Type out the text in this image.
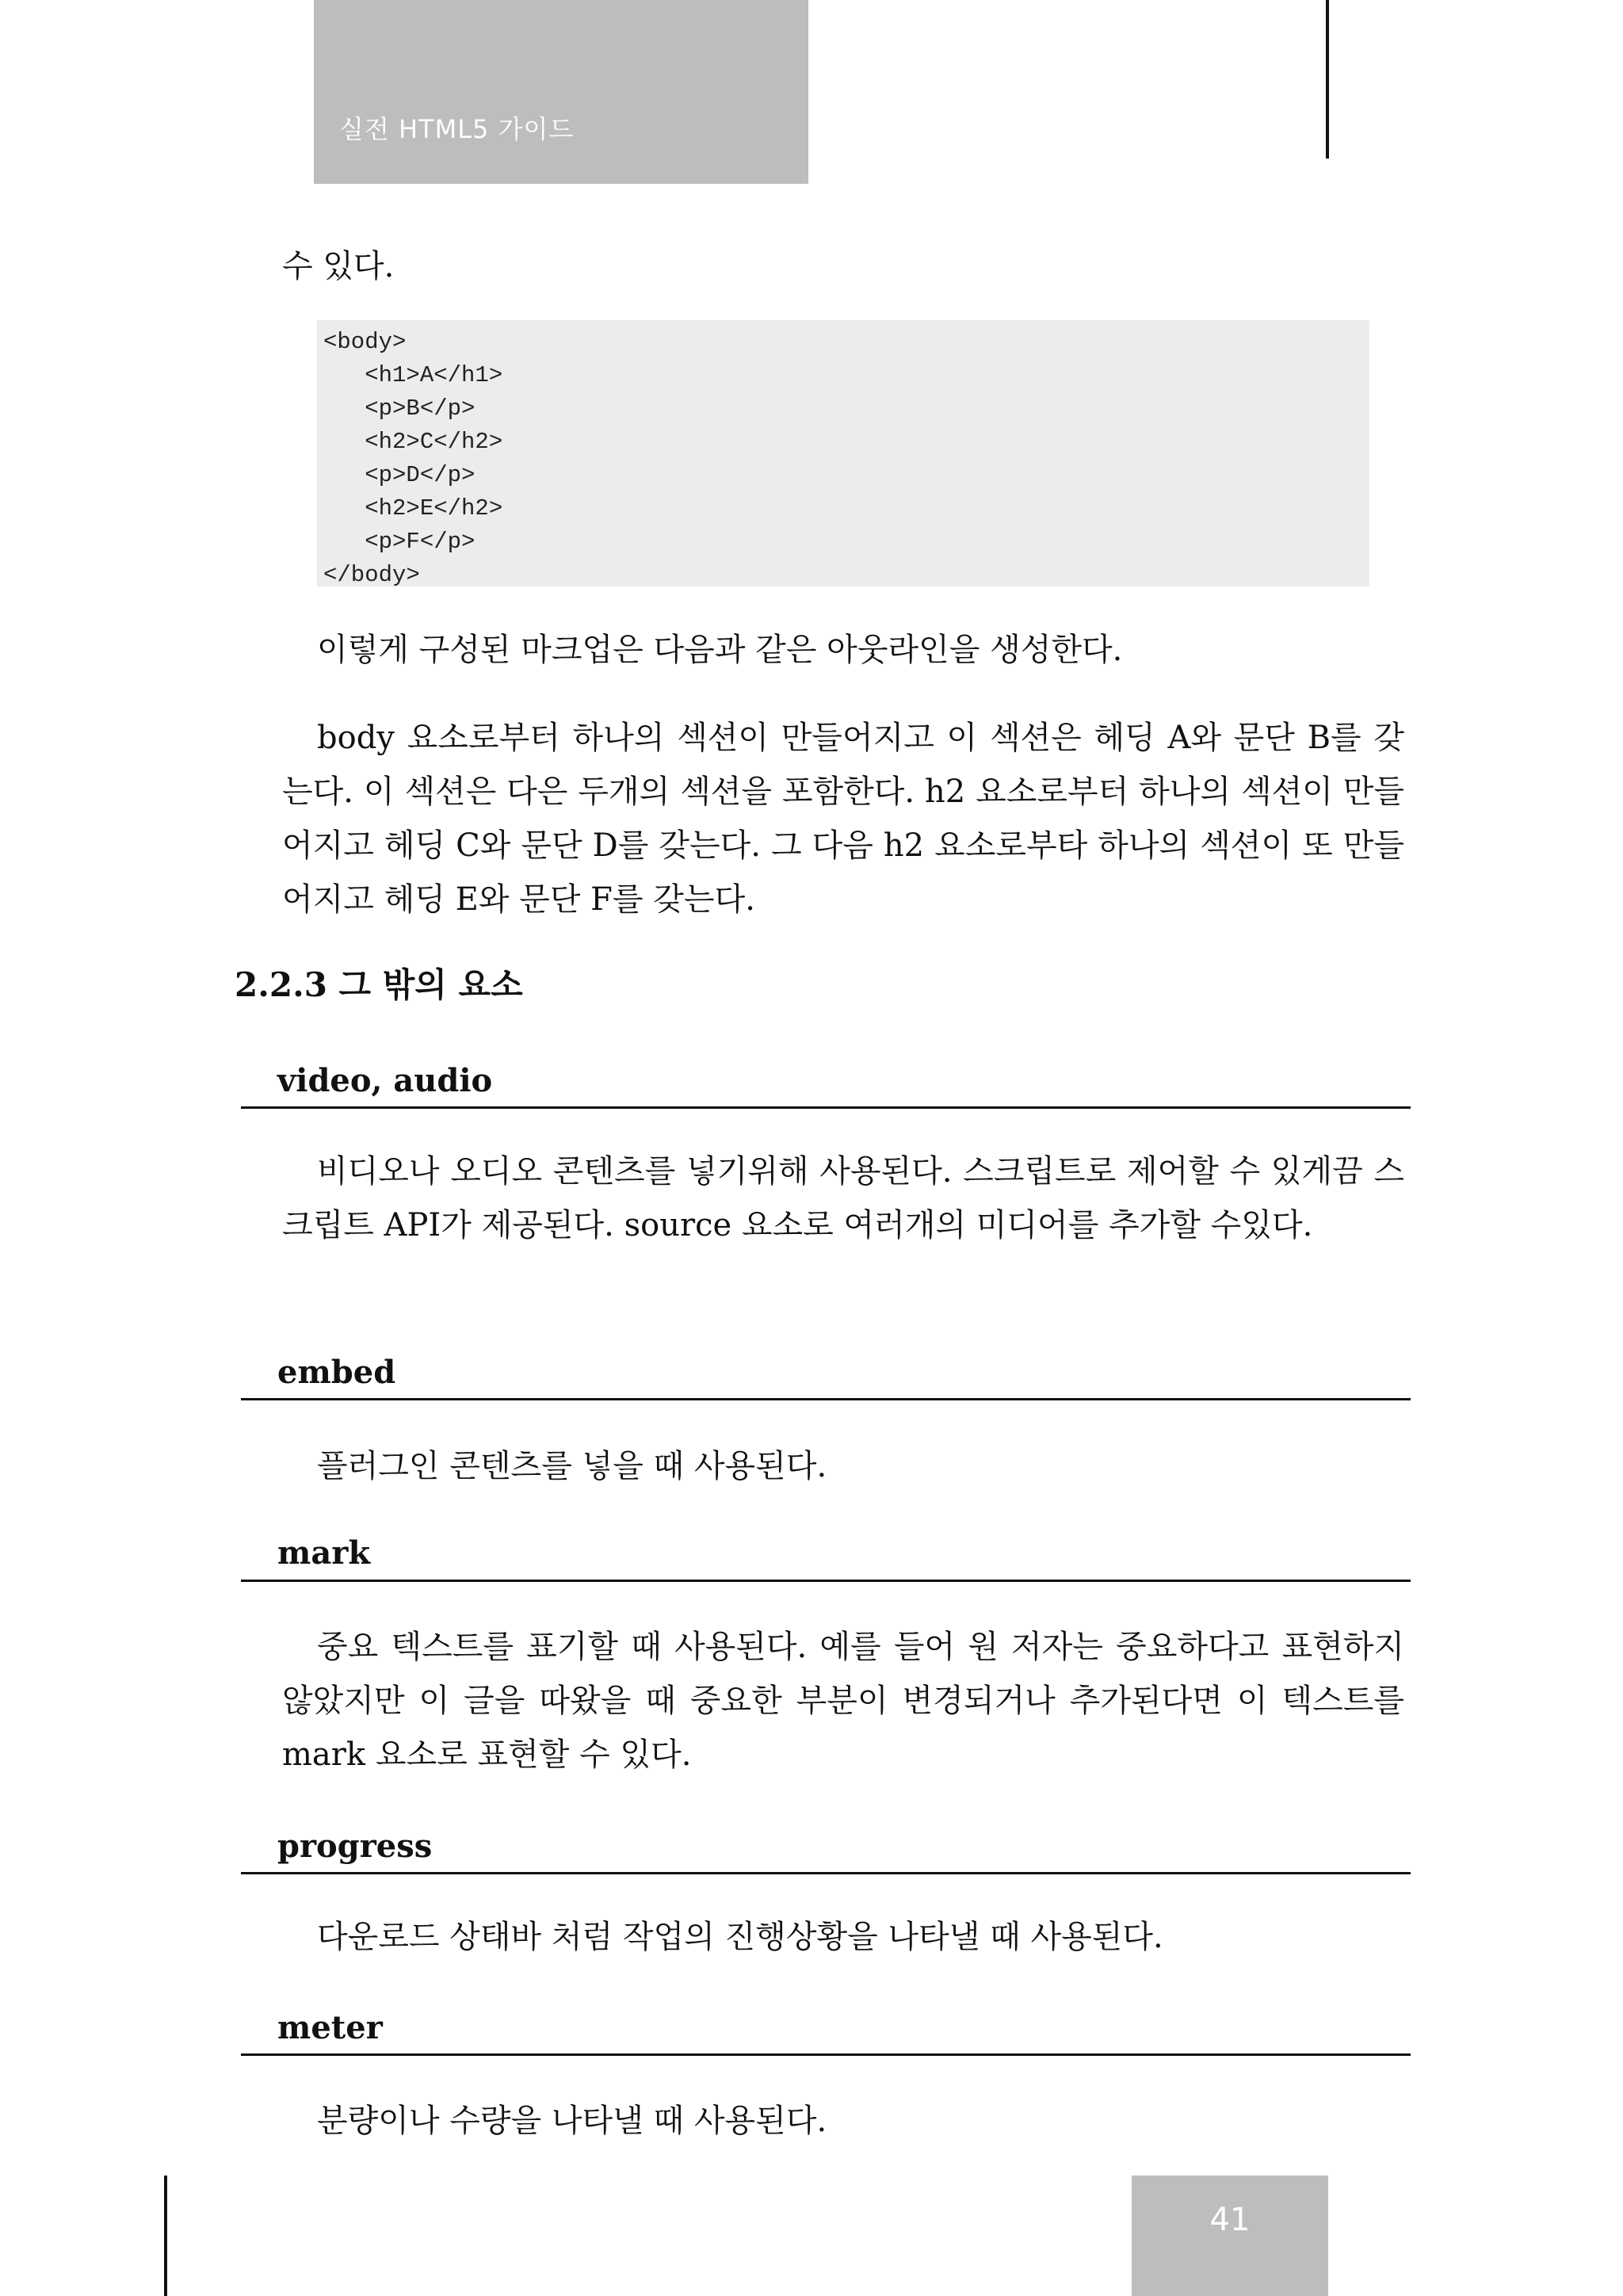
실전 HTML5 가이드

수 있다.

<body>
<h1>A</h1>
<p>B</p>
<h2>C</h2>
<p>D</p>
<h2>E</h2>
<p>F</p>
</body>

이렇게 구성된 마크업은 다음과 같은 아웃라인을 생성한다.

body 요소로부터 하나의 섹션이 만들어지고 이 섹션은 헤딩 A와 문단 B를 갖는다. 이 섹션은 다은 두개의 섹션을 포함한다. h2 요소로부터 하나의 섹션이 만들어지고 헤딩 C와 문단 D를 갖는다. 그 다음 h2 요소로부타 하나의 섹션이 또 만들어지고 헤딩 E와 문단 F를 갖는다.

2.2.3 그 밖의 요소
video, audio

비디오나 오디오 콘텐츠를 넣기위해 사용된다. 스크립트로 제어할 수 있게끔 스크립트 API가 제공된다. source 요소로 여러개의 미디어를 추가할 수있다.

embed

플러그인 콘텐츠를 넣을 때 사용된다.

mark

중요 텍스트를 표기할 때 사용된다. 예를 들어 원 저자는 중요하다고 표현하지 않았지만 이 글을 따왔을 때 중요한 부분이 변경되거나 추가된다면 이 텍스트를 mark 요소로 표현할 수 있다.

progress

다운로드 상태바 처럼 작업의 진행상황을 나타낼 때 사용된다.

meter

분량이나 수량을 나타낼 때 사용된다.

41
